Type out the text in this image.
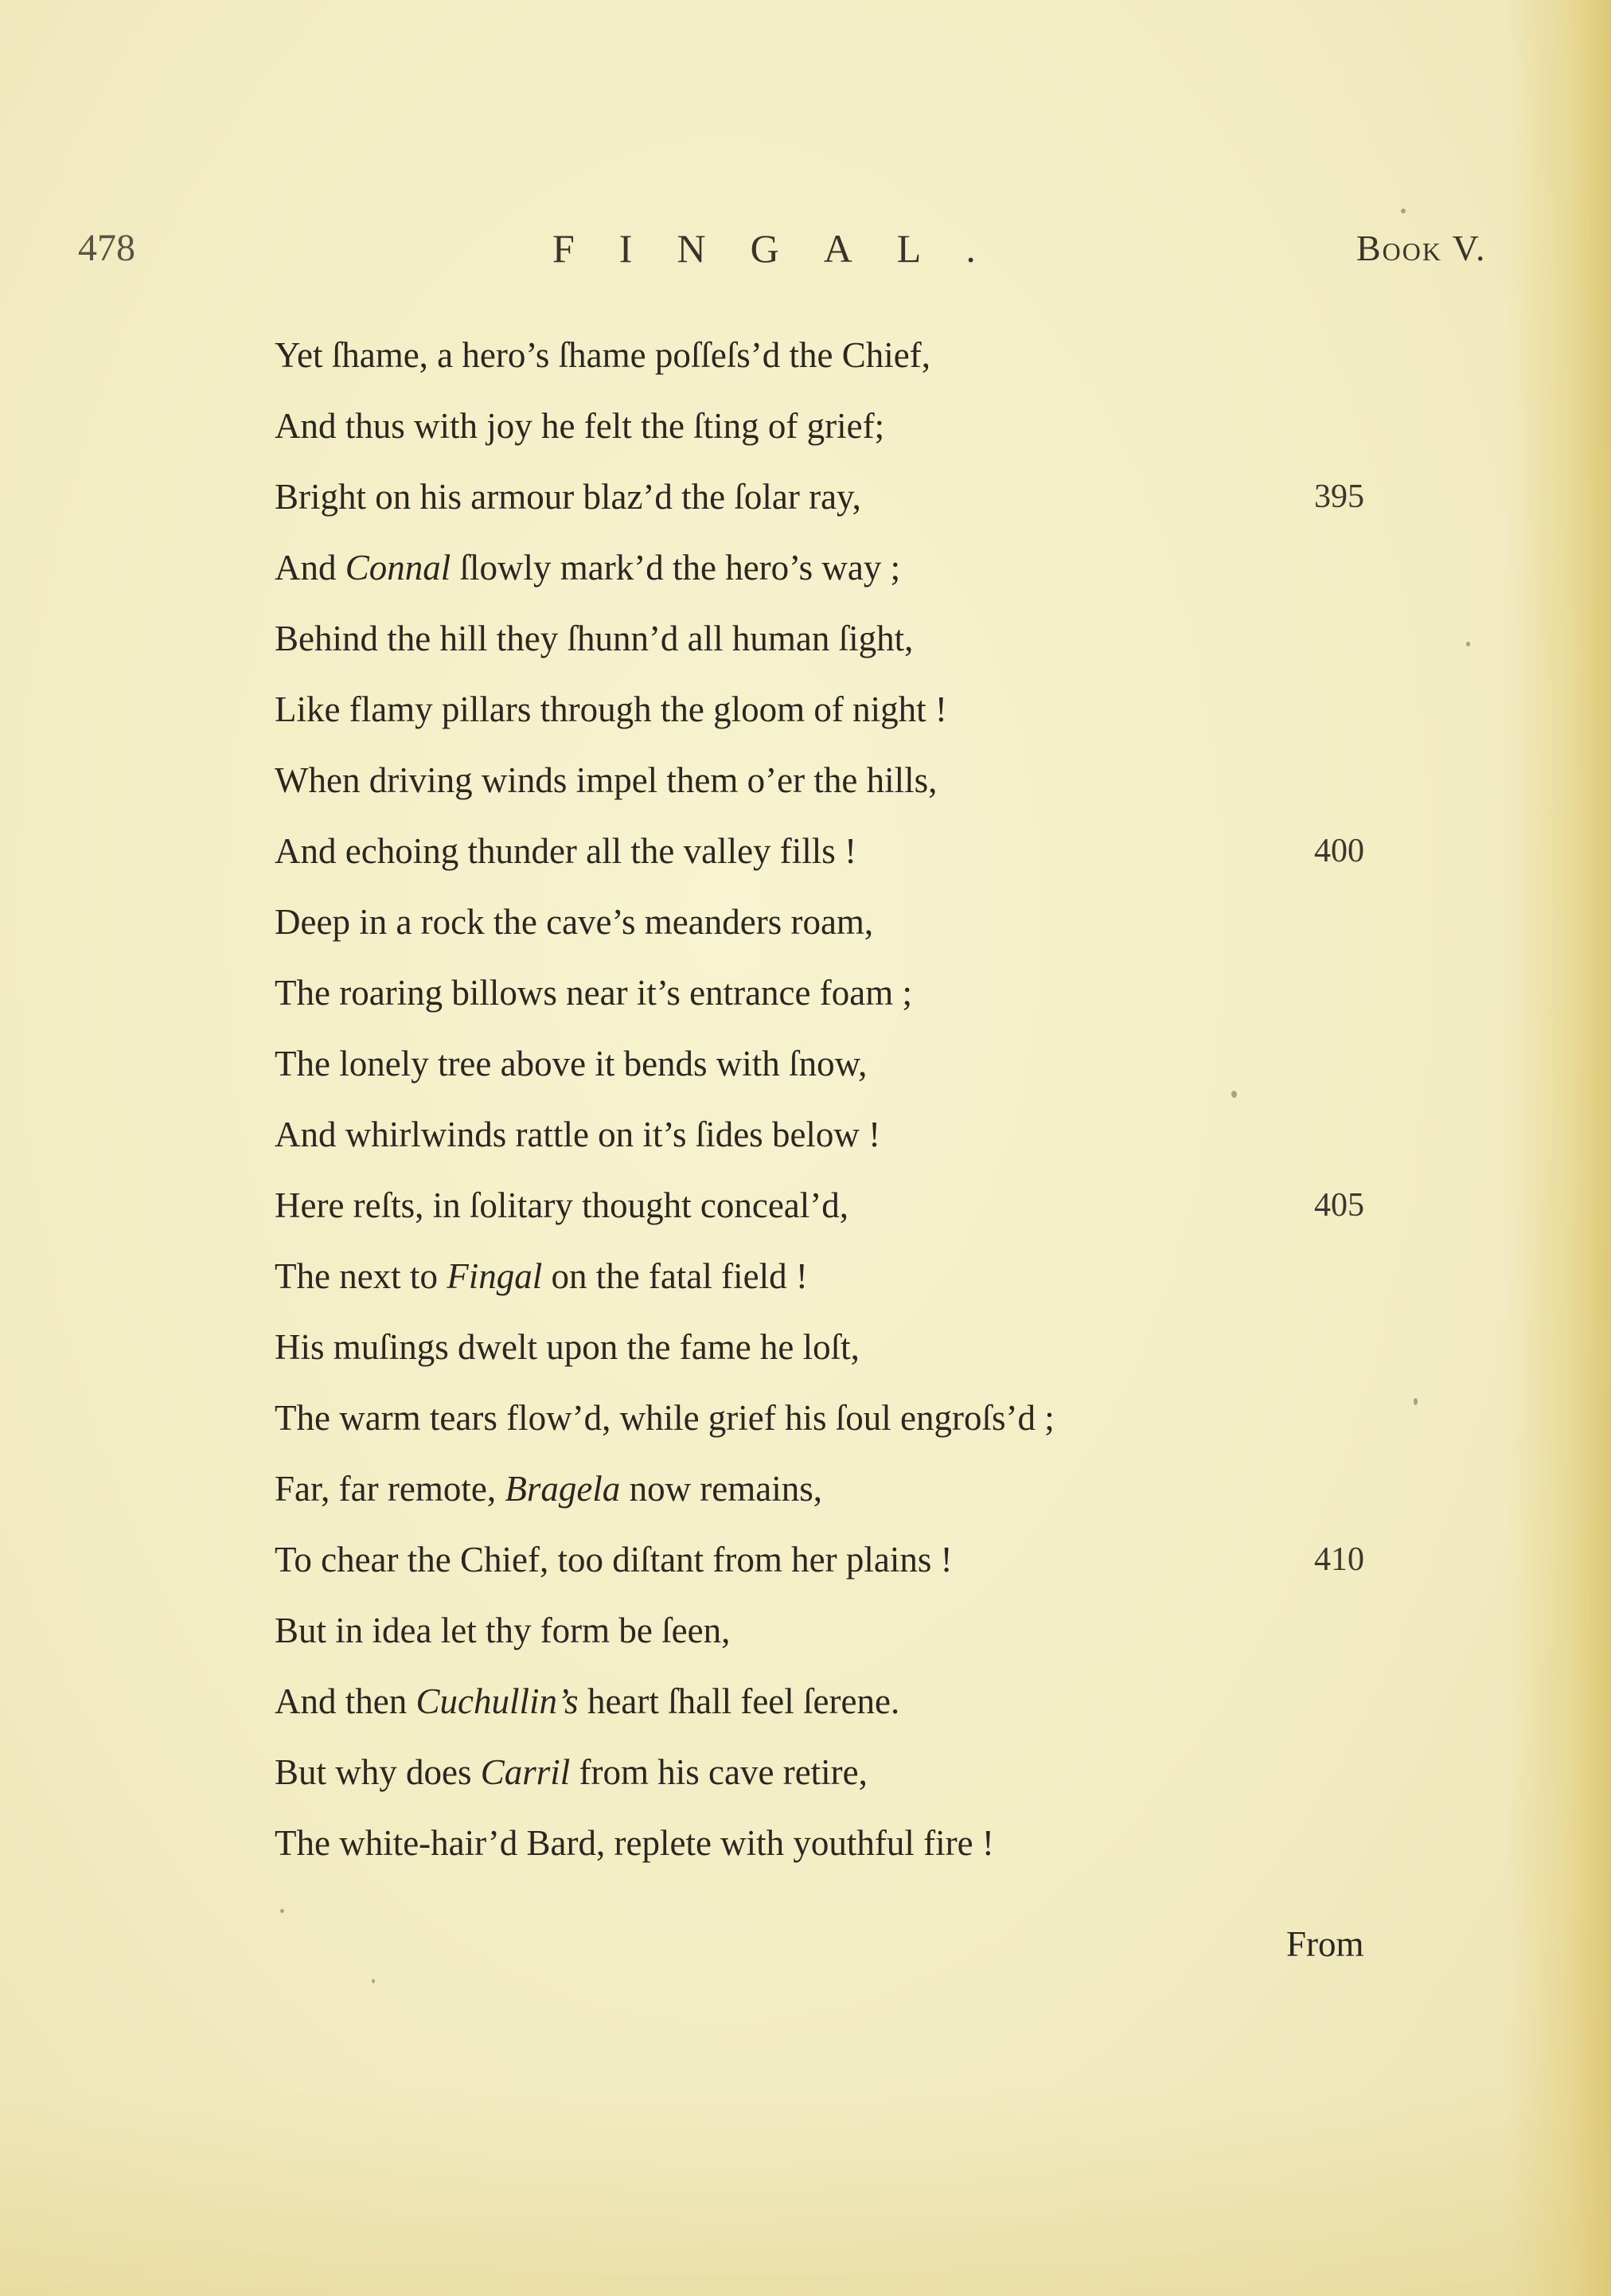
478	FINGAL.	Book V.
Yet ſhame, a hero’s ſhame poſſeſs’d the Chief,
And thus with joy he felt the ſting of grief;
Bright on his armour blaz’d the ſolar ray,	395
And Connal ſlowly mark’d the hero’s way ;
Behind the hill they ſhunn’d all human ſight,
Like flamy pillars through the gloom of night !
When driving winds impel them o’er the hills,
And echoing thunder all the valley fills !	400
Deep in a rock the cave’s meanders roam,
The roaring billows near it’s entrance foam ;
The lonely tree above it bends with ſnow,
And whirlwinds rattle on it’s ſides below !
Here reſts, in ſolitary thought conceal’d,	405
The next to Fingal on the fatal field !
His muſings dwelt upon the fame he loſt,
The warm tears flow’d, while grief his ſoul engroſs’d ;
Far, far remote, Bragela now remains,
To chear the Chief, too diſtant from her plains !	410
But in idea let thy form be ſeen,
And then Cuchullin’s heart ſhall feel ſerene.
But why does Carril from his cave retire,
The white-hair’d Bard, replete with youthful fire !
From
